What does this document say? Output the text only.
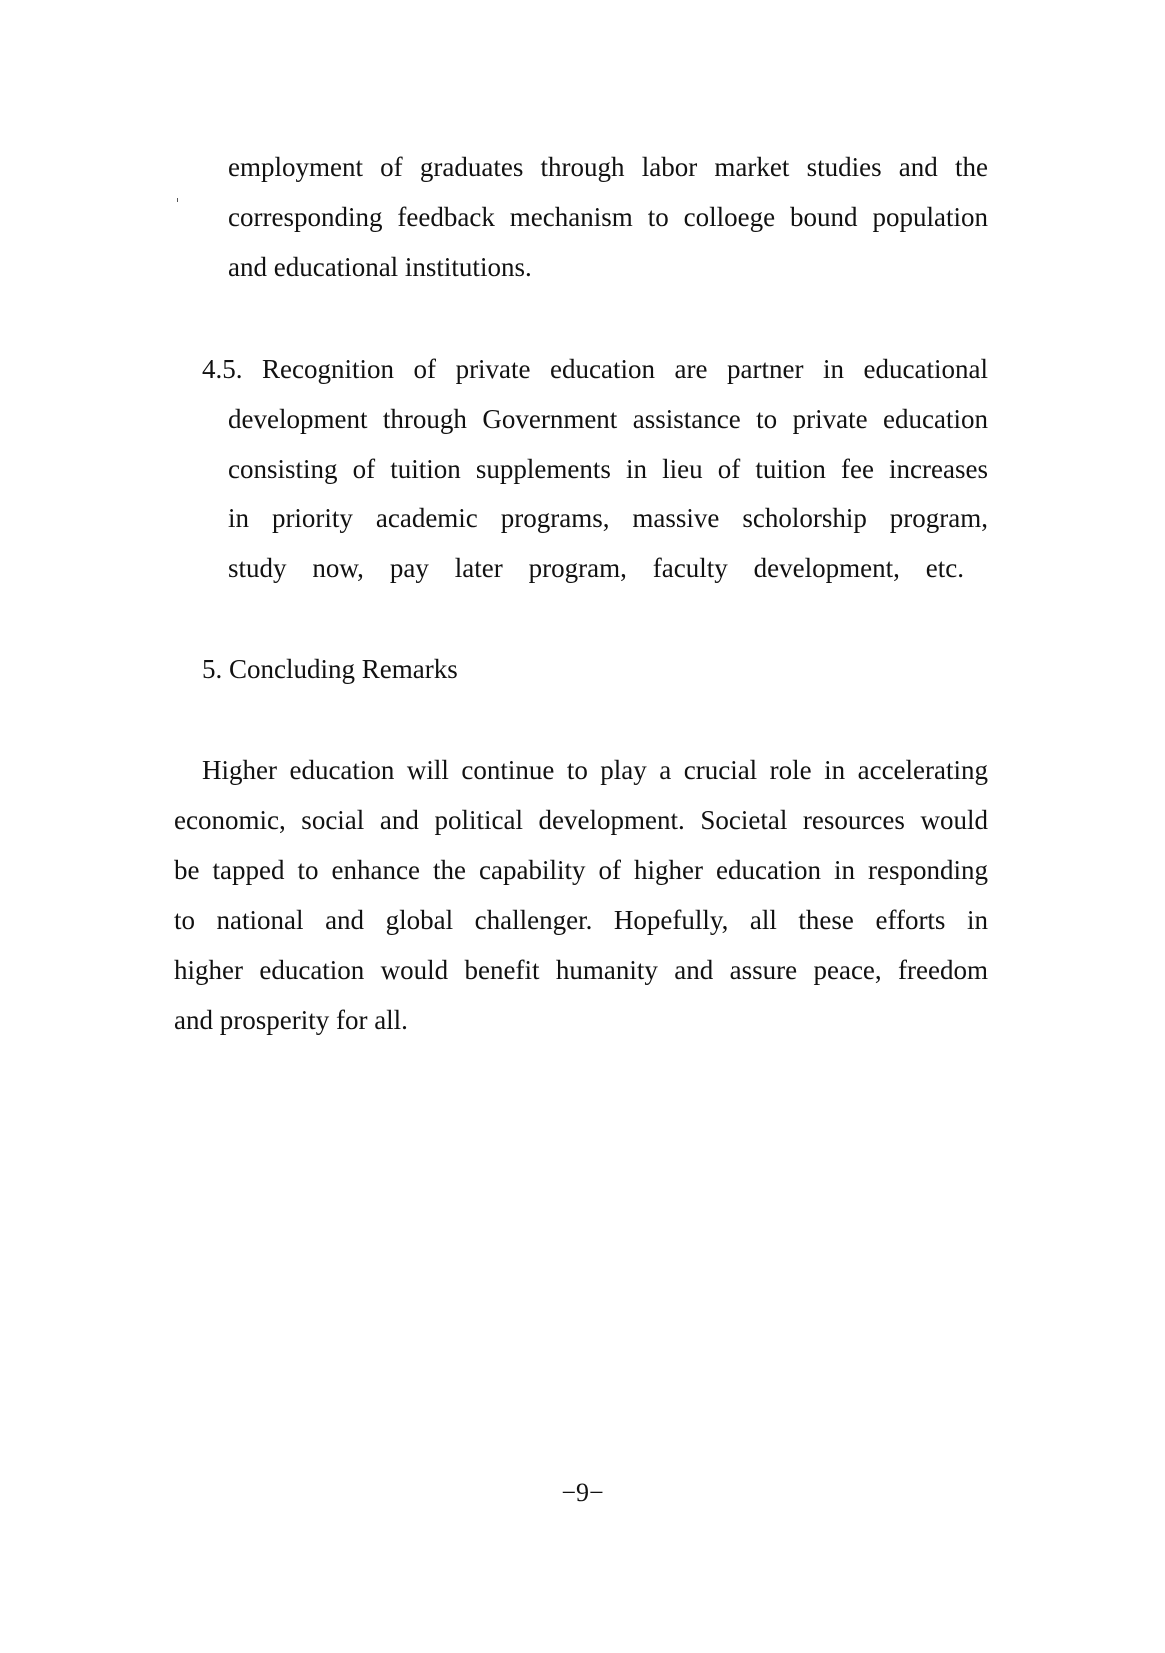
employment of graduates through labor market studies and the
corresponding feedback mechanism to colloege bound population
and educational institutions.
4.5. Recognition of private education are partner in educational
development through Government assistance to private education
consisting of tuition supplements in lieu of tuition fee increases
in priority academic programs, massive scholorship program,
study now, pay later program, faculty development, etc.
5. Concluding Remarks
Higher education will continue to play a crucial role in accelerating
economic, social and political development. Societal resources would
be tapped to enhance the capability of higher education in responding
to national and global challenger. Hopefully, all these efforts in
higher education would benefit humanity and assure peace, freedom
and prosperity for all.
−9−
